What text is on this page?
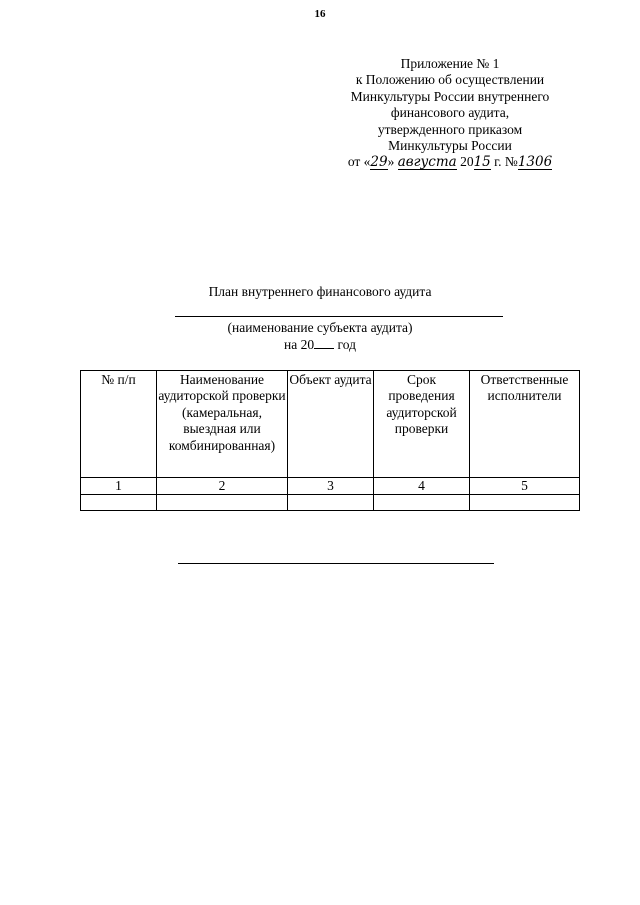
16
Приложение № 1
к Положению об осуществлении
Минкультуры России внутреннего
финансового аудита,
утвержденного приказом
Минкультуры России
от «29» августа 2015 г. №1306
План внутреннего финансового аудита
(наименование субъекта аудита)
на 20 год
№ п/п	Наименование аудиторской проверки (камеральная, выездная или комбинированная)	Объект аудита	Срок проведения аудиторской проверки	Ответственные исполнители
1	2	3	4	5
